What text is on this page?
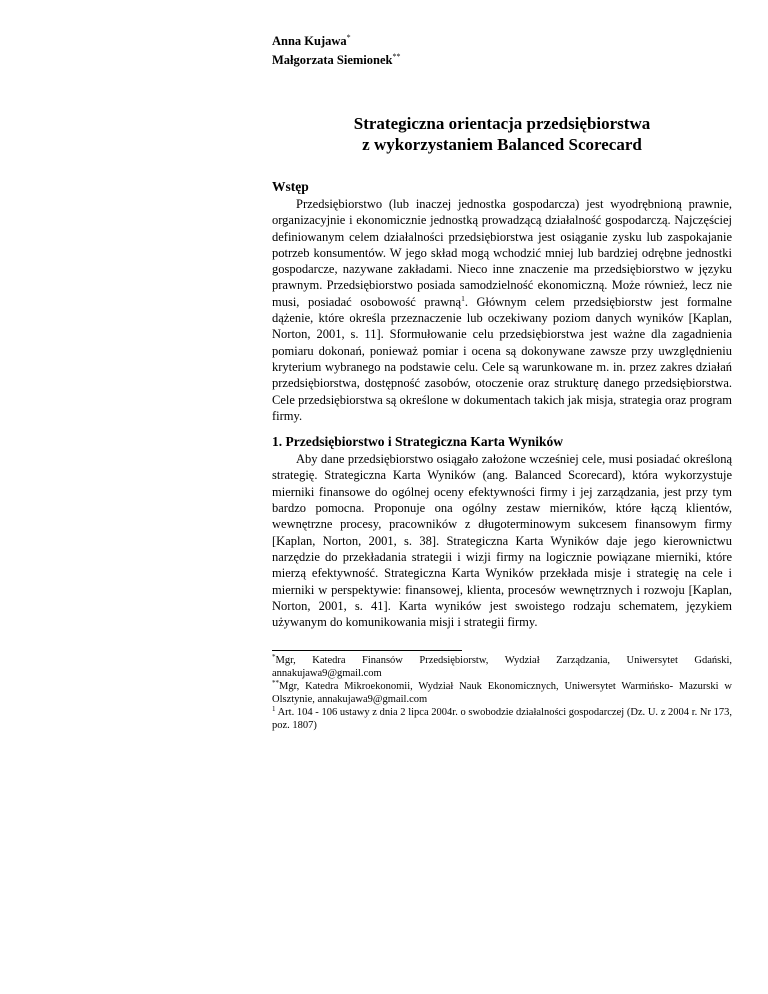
Anna Kujawa*
Małgorzata Siemionek**
Strategiczna orientacja przedsiębiorstwa
z wykorzystaniem Balanced Scorecard
Wstęp

Przedsiębiorstwo (lub inaczej jednostka gospodarcza) jest wyodrębnioną prawnie, organizacyjnie i ekonomicznie jednostką prowadzącą działalność gospodarczą. Najczęściej definiowanym celem działalności przedsiębiorstwa jest osiąganie zysku lub zaspokajanie potrzeb konsumentów. W jego skład mogą wchodzić mniej lub bardziej odrębne jednostki gospodarcze, nazywane zakładami. Nieco inne znaczenie ma przedsiębiorstwo w języku prawnym. Przedsiębiorstwo posiada samodzielność ekonomiczną. Może również, lecz nie musi, posiadać osobowość prawną$^1$. Głównym celem przedsiębiorstw jest formalne dążenie, które określa przeznaczenie lub oczekiwany poziom danych wyników [Kaplan, Norton, 2001, s. 11]. Sformułowanie celu przedsiębiorstwa jest ważne dla zagadnienia pomiaru dokonań, ponieważ pomiar i ocena są dokonywane zawsze przy uwzględnieniu kryterium wybranego na podstawie celu. Cele są warunkowane m. in. przez zakres działań przedsiębiorstwa, dostępność zasobów, otoczenie oraz strukturę danego przedsiębiorstwa. Cele przedsiębiorstwa są określone w dokumentach takich jak misja, strategia oraz program firmy.

1. Przedsiębiorstwo i Strategiczna Karta Wyników

Aby dane przedsiębiorstwo osiągało założone wcześniej cele, musi posiadać określoną strategię. Strategiczna Karta Wyników (ang. Balanced Scorecard), która wykorzystuje mierniki finansowe do ogólnej oceny efektywności firmy i jej zarządzania, jest przy tym bardzo pomocna. Proponuje ona ogólny zestaw mierników, które łączą klientów, wewnętrzne procesy, pracowników z długoterminowym sukcesem finansowym firmy [Kaplan, Norton, 2001, s. 38]. Strategiczna Karta Wyników daje jego kierownictwu narzędzie do przekładania strategii i wizji firmy na logicznie powiązane mierniki, które mierzą efektywność. Strategiczna Karta Wyników przekłada misje i strategię na cele i mierniki w perspektywie: finansowej, klienta, procesów wewnętrznych i rozwoju [Kaplan, Norton, 2001, s. 41]. Karta wyników jest swoistego rodzaju schematem, językiem używanym do komunikowania misji i strategii firmy.

*Mgr, Katedra Finansów Przedsiębiorstw, Wydział Zarządzania, Uniwersytet Gdański, annakujawa9@gmail.com

**Mgr, Katedra Mikroekonomii, Wydział Nauk Ekonomicznych, Uniwersytet Warmińsko- Mazurski w Olsztynie, annakujawa9@gmail.com

$^1$ Art. 104 - 106 ustawy z dnia 2 lipca 2004r. o swobodzie działalności gospodarczej (Dz. U. z 2004 r. Nr 173, poz. 1807)
